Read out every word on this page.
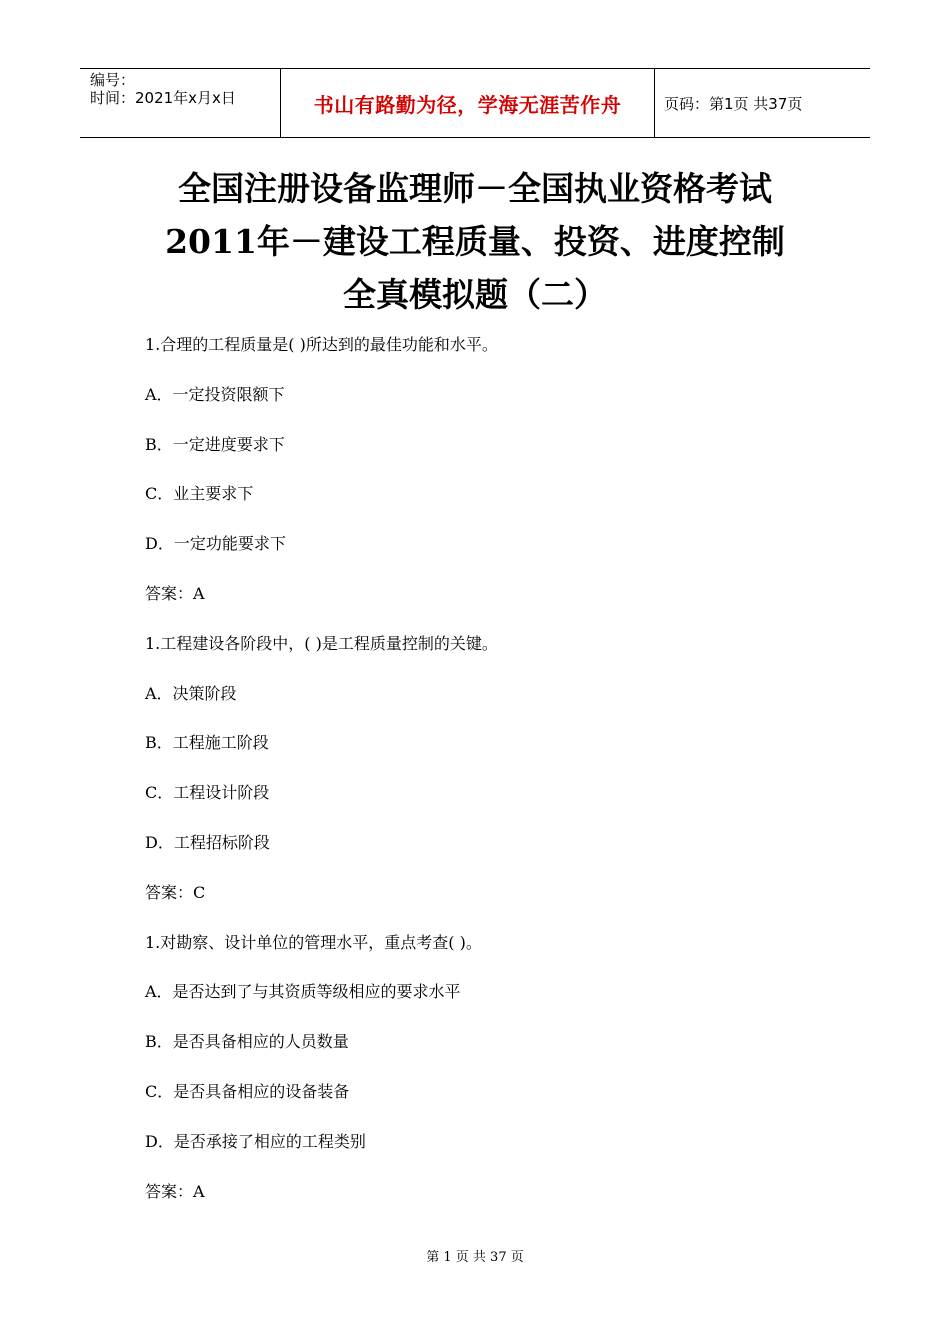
编号：
时间：2021年x月x日	书山有路勤为径，学海无涯苦作舟	页码：第1页 共37页
全国注册设备监理师－全国执业资格考试
2011年－建设工程质量、投资、进度控制
全真模拟题（二）
1.合理的工程质量是( )所达到的最佳功能和水平。
A．一定投资限额下
B．一定进度要求下
C．业主要求下
D．一定功能要求下
答案：A
1.工程建设各阶段中，( )是工程质量控制的关键。
A．决策阶段
B．工程施工阶段
C．工程设计阶段
D．工程招标阶段
答案：C
1.对勘察、设计单位的管理水平，重点考查( )。
A．是否达到了与其资质等级相应的要求水平
B．是否具备相应的人员数量
C．是否具备相应的设备装备
D．是否承接了相应的工程类别
答案：A
第 1 页 共 37 页
